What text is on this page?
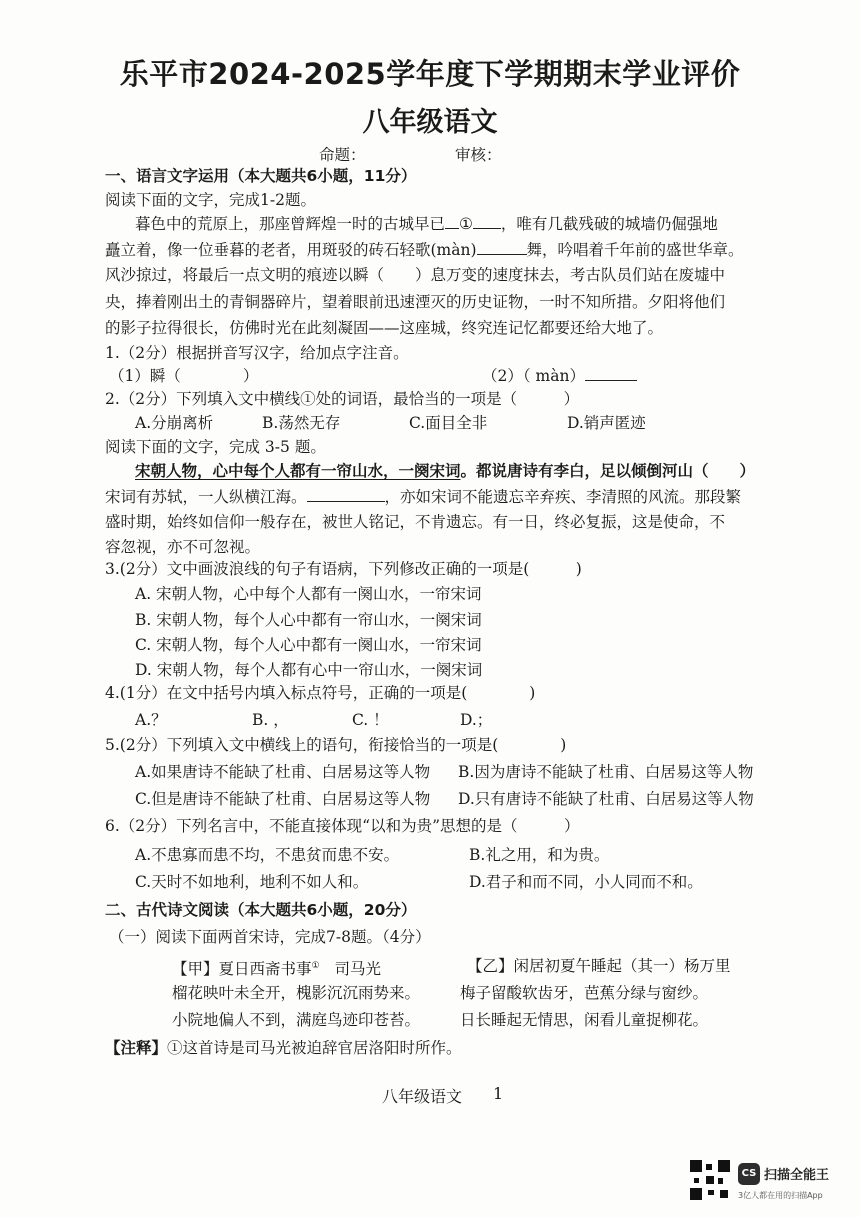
乐平市2024-2025学年度下学期期末学业评价
八年级语文
命题：	审核：
一、语言文字运用（本大题共6小题，11分）
阅读下面的文字，完成1-2题。
暮色中的荒原上，那座曾辉煌一时的古城早已 ① ，唯有几截残破的城墙仍倔强地
矗立着，像一位垂暮的老者，用斑驳的砖石轻歌(màn)	舞，吟唱着千年前的盛世华章。
风沙掠过，将最后一点文明的痕迹以瞬（　　）息万变的速度抹去，考古队员们站在废墟中
央，捧着刚出土的青铜器碎片，望着眼前迅速湮灭的历史证物，一时不知所措。夕阳将他们
的影子拉得很长，仿佛时光在此刻凝固——这座城，终究连记忆都要还给大地了。
1.（2分）根据拼音写汉字，给加点字注音。
（1）瞬（　　　　）	（2）（ màn）
2.（2分）下列填入文中横线①处的词语，最恰当的一项是（　　　）
A.分崩离析	B.荡然无存	C.面目全非	D.销声匿迹
阅读下面的文字，完成 3-5 题。
宋朝人物，心中每个人都有一帘山水，一阕宋词。都说唐诗有李白，足以倾倒河山（　　）
宋词有苏轼，一人纵横江海。	，亦如宋词不能遗忘辛弃疾、李清照的风流。那段繁
盛时期，始终如信仰一般存在，被世人铭记，不肯遗忘。有一日，终必复振，这是使命，不
容忽视，亦不可忽视。
3.(2分）文中画波浪线的句子有语病，下列修改正确的一项是(　　　)
A. 宋朝人物，心中每个人都有一阕山水，一帘宋词
B. 宋朝人物，每个人心中都有一帘山水，一阕宋词
C. 宋朝人物，每个人心中都有一阕山水，一帘宋词
D. 宋朝人物，每个人都有心中一帘山水，一阕宋词
4.(1分）在文中括号内填入标点符号，正确的一项是(　　　　)
A.？	B. ，	C. ！	D.；
5.(2分）下列填入文中横线上的语句，衔接恰当的一项是(　　　　)
A.如果唐诗不能缺了杜甫、白居易这等人物 B.因为唐诗不能缺了杜甫、白居易这等人物
C.但是唐诗不能缺了杜甫、白居易这等人物 D.只有唐诗不能缺了杜甫、白居易这等人物
6.（2分）下列名言中，不能直接体现“以和为贵”思想的是（　　　）
A.不患寡而患不均，不患贫而患不安。	B.礼之用，和为贵。
C.天时不如地利，地利不如人和。	D.君子和而不同，小人同而不和。
二、古代诗文阅读（本大题共6小题，20分）
（一）阅读下面两首宋诗，完成7-8题。（4分）
【甲】夏日西斋书事① 司马光
榴花映叶未全开，槐影沉沉雨势来。
小院地偏人不到，满庭鸟迹印苍苔。
【乙】闲居初夏午睡起（其一）杨万里
梅子留酸软齿牙，芭蕉分绿与窗纱。
日长睡起无情思，闲看儿童捉柳花。
【注释】①这首诗是司马光被迫辞官居洛阳时所作。
八年级语文 1
CS 扫描全能王
3亿人都在用的扫描App
